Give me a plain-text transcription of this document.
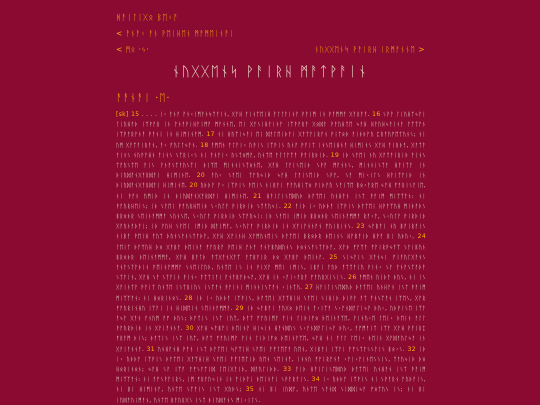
ᚻᚨᛁᛚᛁᚷᛟ ᛒᛖᚲᚨ
< ᚨᚾᚨᚲ ᚨᚾ ᚹᛖᛁᚺᛖᚾ ᛗᚨᛗᛖᛁᚾᚨᛁ
< ᛗᛟ ·ᛃ·	ᚾᚢᚷᚷᛖᚾᛋ ᚹᚨᛁᚱᚺ ᛁᚱᛗᚨᚾᚾᛖ >
ᚾᚢᚷᚷᛖᚾᛋ ᚹᚨᛁᚱᚺ ᛗᚨᛏᚹᚨᛁᚾ
ᚨᚨᚾᚨᛁ ·ᛖ·
[sk] 15 . . . . ᛁᚲ ᚨᚾᚨ ᚨᚾᚲᛁᛗᚨᚾᛋᛏᚨᛁᚾ, ᚷᚨᚺ ᚨᛁᚾᛏᛖᛁᚺ ᚨᛚᛚᚨᛁᚾᚨ ᚹᚨᛁᛗ ᛁᚾ ᚹᚨᛗᛗᚨ ᚷᚨᚱᚨᚨ. 16 ᛊᚹᚨ ᛚᛁᚢᚺᛏᛃᚨᛁ ᛚᛁᚢᚺᚨᚦ ᛁᛉᚹᚨᚱ ᛁᚾ ᚨᚾᚨᚹᛁᚺᚨᛁᛗᚨ ᛗᚨᚾᚾᛖ, ᛖᛁ ᚷᚨᛊᛁᚺᚨᛁᚾᚨ ᛁᛉᚹᚨᚱᚨ ᚷᛟᛞᚨ ᚹᚨᚢᚺᛏᛖ ᛃᚨᚺ ᚺᚨᚢᚺᛃᚨᛁᚾᚨ ᚨᛏᛏᚨᚾ ᛁᛉᚹᚨᚱᚨᚾᚨ ᚹᚨᚾᛁ ᛁᚾ ᚺᛁᛗᛁᚾᚨᛗ. 17 ᚾᛁ ᚺᚢᛉᛁᛃᚨᛁ ᛖᛁ ᛞᚨᛚᛖᛁᚦᚨᛁ ᚷᚨᛏᚨᛁᚱᚨᚾ ᚹᛁᛏᛟᚦ ᚨᛁᚦᚦᚨᚢ ᛈᚱᚨᚢᚠᛖᛏᚢᚾᛊ; ᚾᛁ ᚢᛗ ᚷᚨᛏᚨᛁᚱᚨᚾ, ᚨᚲ ᚠᚢᛚᛚᛃᚨᚾ. 18 ᚨᛗᛖᚾ ᚨᛚᚨᛁᚲ ᚢᚹᛁᛊ ᛁᛉᚹᛁᛊ ᚢᚾᚨ ᚹᚨᛁᛏ ᛁᚾᛊᛖᛁᚺᚾᚨ ᚺᛁᛗᛁᚾᛊ ᚷᚨᚺ ᚨᛁᚱᚦᚨ, ᚷᚨᛏᚨ ᚨᛁᚾᛊ ᚾᚢᚹᚨᚺᚾ ᚨᛁᚾᛊ ᛊᛏᚱᛁᚲᛊ ᚾᛁ ᚨᚾᚨᛁᚲ ᚢᛊᛏᛟᛗᚨ, ᚢᚾᛏᛖ ᚨᛚᛚᚨᛏᚨ ᚹᚨᛁᚱᚦᛁᚦ. 19 ᛁᚦ ᛊᚨᛖᛁ ᚾᚢ ᚷᚨᛏᚨᛁᚱᛁᚦ ᚨᛁᚾᛊ ᛏᚨᚢᛊᛏᛖ ᚨᛁᛊ ᚨᚾᚨᛊᛏᚨᚢᛊᛏᛁ ᚦᛁᛉᛖ ᛗᛁᚾᚾᛁᛊᛏᛟᚾᛖ, ᚷᚨᚺ ᛚᚨᛁᛊᛖᛁᚦ ᛊᚹᚨ ᛗᚨᚾᚾᛊ, ᛗᛁᚾᚾᛁᛊᛏᚨ ᚺᚨᛁᛏᚨ ᛁᚾ ᚦᛁᚢᛞᚨᚾᚷᚨᚱᛞᚨᛁ ᚺᛁᛗᛁᚾᛖ. 20 ᚨᚢᚲ ᛊᚨᛖᛁ ᛏᚨᚢᛃᛁᚦ ᛃᚨᚺ ᛚᚨᛁᛊᛖᛁᚦ ᛊᚹᚨ, ᛊᚨ ᛗᛁᚲᛁᛚᛊ ᚺᚨᛁᛏᚨᛁᚦ ᛁᚾ ᚦᛁᚢᛞᚨᚾᚷᚨᚱᛞᚨᛁ ᚺᛁᛗᛁᚾᛖ. 20 ᚢᚦᚦᚨ ᚨᚲ ᛁᛉᚹᛁᛊ ᚹᛖᛁᛊ ᚾᛁᛒᚨᛁ ᚠᚨᚢᚺᛁᛉᛟ ᚹᛁᚦᚨᚢ ᛊᚨᛁᛉᛖ ᛒᛟᚲᚨᚱᛖ ᛃᚨᚺ ᚠᚨᚱᛁᛊᚨᛁᛖ, ᚾᛁ ᚹᚨᚾ ᚢᛗᛁᚦ ᛁᚾ ᚦᛁᚢᛞᚨᚾᚷᚨᚱᛞᚨᛁ ᚺᛁᛗᛁᚾᛖ. 21 ᚺᚨᛁᛚᛁᛊᛖᛞᚢᚦ ᚦᚨᛏᛖᛁ ᚢᚾᚺᚨᚾ ᛁᛊᛏ ᚹᚨᛁᛗ ᛗᛁᛉᛉᚨᚾ: ᚾᛁ ᚹᚨᚢᚱᚺᛖᛁᛊ; ᛁᚦ ᛊᚨᛖᛁ ᚹᚨᚢᚱᚺᛖᛁᚦ ᛊᚲᚢᛚᚨ ᚹᛁᚱᚦᛁᚦ ᛊᛏᚨᚢᛃᛁ. 22 ᚨᛁᚦ ᛁᚲ ᚢᚦᚦᚨ ᛁᛉᚹᛁᛊ ᚦᚨᛏᛖᛁ ᚺᚹᚨᛉᚢᚺ ᛗᛁᚦᚨᚦᛊ ᛒᚱᛟᚦᚱ ᛊᛖᛁᚾᚨᛗᛗᚨ ᛊᚢᚾᛊᛖ, ᛊᚲᚢᛚᚨ ᚹᛁᚱᚦᛁᚦ ᛊᛏᚨᚢᛃᛁ: ᛁᚦ ᛊᚨᛖᛁ ᛁᛗᛁᚦ ᛒᚱᛟᚦᚱ ᛊᛖᛁᚾᚨᛗᛗᚨ ᚱᚨᚲᚨ, ᛊᚲᚢᛚᚨ ᚹᛁᚱᚦᛁᚦ ᚷᚨᚢᚾᚨᚦᚨᛁ; ᛁᚦ ᚨᚢᚺ ᛊᚨᛖᛁ ᛁᛗᛁᚦ ᛞᚨᛁᛗᚨ, ᛊᚲᚢᛚᚨ ᚹᛁᚱᚦᛁᚦ ᛁᚾ ᚷᚨᛁᚨᚾᚾᚨᚾ ᚠᚢᛁᚱᛁᚾᛊ. 23 ᛃᚨᛒᚨᛁ ᚾᚢ ᛒᚨᛁᚱᚨᛁᛊ ᚾᛁᛒᚨ ᚹᛖᛁᚺ ᚨᚢᛏ ᚦᚢᚾᛊᚨᚾᛊᛏᚨᚦᚨ, ᚷᚨᚺ ᚷᚨᛁᚾᚺ ᚷᚨᛗᚢᚾᛖᛁᛊ ᚦᚨᛏᛖᛁ ᛒᚱᛟᚦᚱ ᚦᛖᛁᚾᛊ ᚺᚨᛒᚨᛁᚦ ᚺᚹᚨ ᛒᛁ ᚢᚦᚢᚲ, 24 ᛚᛖᛁᛏ ᚦᚨᛉᚢᚺ ᚦᛟ ᚷᚨᛒᚨ ᚦᛖᛁᚾᚨ ᚠᚨᚢᚱᚨ ᚹᛖᛁᚺ ᚨᚾᚨ ᚨᚾᚨᛒᚢᛞᚢᚾᛊ ᚦᛟᚾᛊᚨᛊᛏᚨᚦᚨ, ᚷᚨᚦ ᚠᚨᛉᚨ ᚠᚨᛁᚱᚹᛃᚨᛉ ᛊᚨᛁᛒᚢᚾ ᛒᚱᛟᚦᚱ ᚦᛖᛁᚾᚨᛗᛗᚨ, ᚷᚨᚺ ᛒᚨᛚᚦ ᚨᛏᚷᚨᚾᚷᚨᛉ ᚨᛏᛒᚨᛁᚱ ᚦᛟ ᚷᚨᛒᚨ ᚦᛖᛁᚾᚨ. 25 ᛊᛁᛃᚨᛁᛊ ᚷᚨᚾᛃᛁ ᚠᛁᚨᚢᛚᚷᚨᚾᛊ ᚨᚾᚨᛊᛏᚨᚦᛁᚾ ᚹᛖᛁᚾᚨᛗᛗᚨ ᛊᚾᛖᛁᛚᚢᚦ, ᚢᚾᛏᛖ ᛁᛊ ᛁᚾ ᚹᛁᚷᚨ ᛗᛖᛁ ᛁᛗᛁᛊ, ᛁᛒᚨᛁ ᚨᚢᚦ ᚨᛏᛏᚨᛁᚢ ᚹᛁᚾᚲ ᛊᚨ ᚨᚾᚨᛊᛏᚨᚦᚨ ᛊᛏᚨᛁᚾ, ᚷᚨᚺ ᛊᚨ ᛊᛏᚨᛁᚾ ᚹᛁᚾᚲ ᚨᛏᛏᛁᚨᛁ ᚨᚾᚨᛒᚨᚦᛃᚨ, ᚷᚨᚺ ᛁᚾ ᚲᚨᛁᚲᚨᚱᚨ ᚠᚨᚢᚱᚷᛁᛊᛁᛊ. 26 ᚨᛗᛖᚾ ᚢᛁᚦᚨ ᚦᚢᛊ, ᚾᛁ ᛁᛊ ᚷᚨᛁᚾᛏᚨ ᚹᚨᛁᛏ ᚢᚾᛏᛖ ᛁᛊᛏᚱᛁᚢᛊ ᛁᛊᛏᚨᚾ ᚹᚨᛁᚾᛁ ᛗᛁᚾᚾᛁᛊᛏᚨᚾ ᚲᛁᚾᛏᚢ. 27 ᚺᚨᛁᛚᛁᛊᛖᛞᚢᚦ ᚦᚨᛏᛖᛁ ᚢᚾᚺᚨᚾ ᛁᛊᛏ ᚹᚨᛁᛗ ᛗᛁᛉᛉᚨᚾ: ᚾᛁ ᚺᛟᚱᛁᚾᛟᛊ. 28 ᛁᚦ ᛁᚲ ᚢᚦᚦᚨ ᛁᛉᚹᛁᛊ, ᚦᚨᛏᛖᛁ ᚷᚨᛉᚺᛁᚺ ᛊᚨᛖᛁ ᛊᛁᚺᛁᚦ ᚦᛁᚹᚨ ᚨᛏ ᚨᚾᛊᛏᚨᚾ ᛁᛉᛖᛊ, ᚷᚨᚱ ᚠᚨᚢᚱᛁᚾᚺᚢ ᛁᛉᚨᛁ ᛁᚾ ᚺᛁᛞᛖᛁᚾ ᛊᛖᛁᚾᚨᛗᛗᚨ. 29 ᛁᚦ ᛃᚨᛒᚨᛁ ᚨᚢᚷᛟ ᚦᛖᛁᚾ ᚨᚲᛁᛉᚨ ᛊᚲᚨᚾᛞᚨᛚᛁᛃᚨ ᚦᚢᚲ, ᚢᚦᚹᛁᛊᛖ ᛁᛉᚨ ᚨᛃᚨ ᚷᚨᚾ ᚨᚾᚢᛗ ᚨᚠ ᚦᚢᛊ; ᚦᚨᛏᛁᛊ ᛁᛊᛏ ᛁᚢᛏ, ᚦᚨᛏ ᚠᚨᚢᛁᛗᚨ ᚨᛁᚾ ᛚᛁᚦᛁᚠᛟ ᚦᛖᛁᚾᚨᛉᛖ, ᚨᛁᚾᚢᚲᛖ ᛚᛖᛁᚲ ᚦᛖᛁᚾ ᚨᛚᛚ ᚹᚨᚢᚱᚦᛁᚦ ᛁᚾ ᚷᚨᛁᚨᚾᚾᚨ. 30 ᚷᚨᚺ ᛃᚨᛒᚨᛁ ᚦᛖᛁᚾᚨ ᚺᛁᛃᛁᚾ ᚺᚨᚾᛞᚢᛊ ᛊᚲᚨᚾᛞᚨᛚᛁᛃᚨ ᚦᚢᚲ, ᚨᚠᛗᚨᛁᛏ ᛁᛉᚨ ᚷᚨᚺ ᚹᚨᛁᚱᛈ ᚠᚱᚨᛗ ᚦᛁᛊ; ᚦᚨᛏᛁᛊ ᛁᛊᛏ ᛁᚢᛏ, ᚦᚨᛏ ᚠᚨᚢᛁᛗᚨ ᚨᛁᚾ ᛚᛁᚦᛁᚠᛟ ᚦᛖᛁᚾᚨᛉᛖ, ᛃᚨᚺ ᚾᛁ ᚨᛚᛚ ᛚᛖᛁᚲ ᚦᛖᛁᚾ ᚷᚨᛞᚨᚢᛚᛃᚨ ᛁᚾ ᚷᚨᛁᚨᚾᚾᚨ. 31 ᚢᚾᚺᚨᚾᚺ ᚹᚨᚾ ᛁᛊᛏ ᚦᚨᛏᛖᛁ ᛋᚨᛉᛁᚺ ᛊᚨᛖᛁ ᚨᚠᛚᛖᛏᚨ ᚢᛖᚾ, ᚷᛁᛒᚨᛁ ᛁᛉᚨᛁ ᚨᚠᛊᛏᚨᛊᛊᚨᛁᛊ ᛒᛟᚲᛊ. 32 ᛁᚦ ᛁᚲ ᚢᚦᚦᚨ ᛁᛉᚹᛁᛊ ᚦᚨᛏᛖᛁ ᚷᚨᛉᚺᛁᚺ ᛊᚨᛖᛁ ᚨᚠᛚᛖᛏᛁᚦ ᚢᛖᚾ ᛊᛖᛁᚾᚨ, ᛁᚾᚾᚢ ᚠᚨᛁᚱᚨᚾᚨ ᚲᚨᛁᚲᚨᛁᚾᛖᛊᛊᛁᛊ, ᛏᚨᚢᛃᛁᚦ ᚦᛟ ᚺᛟᚱᛁᚾᛟᚾ; ᛃᚨᚺ ᛊᚨ ᛁᛉᚨ ᚨᚠᛊᚨᛏᛁᛞ ᛚᛖᛁᚷᚨᛁᚦ, ᛞᚨᚢᛚᛁᚦᚦ. 33 ᚨᛁᚦ ᚺᚨᛁᛚᛁᛊᛖᛞᚢᚦ ᚦᚨᛏᛖᛁ ᚢᚾᚺᚨᚾ ᛁᛊᛏ ᚹᚨᛁᛗ ᛗᛁᛉᛉᚨᚾ: ᚾᛁ ᚨᚠᛊᚹᚨᛁᚱᛊ, ᛁᛗ ᚠᚱᚨᚢᛃᛁᚾ ᛁᚾ ᚨᛁᚦᚨᛁ ᚦᛖᛁᚾᚨᛁ ᛊᚹᚨᚱᚨᛁᛊ. 34 ᛁᚲ ᚢᚦᚦᚨ ᛁᛉᚹᛁᛊ ᚾᛁ ᛊᚹᚨᚱᚾ ᚨᚢᚦᚨᛁᛊ, ᚾᛁ ᛒᛁ ᚺᛁᛗᛁᚾᚨ, ᚢᚾᛏᛖ ᛊᛏᚨᛁᛊ ᛁᛊᛏ ᚷᚢᚦᛊ; 35 ᚾᛁ ᛒᛁ ᛁᚢᛞᚨ, ᚢᚾᛏᛖ ᛊᚨᚾᛞ ᛊᛁᛞᛞᛁᛃᚨ ᚠᛟᛏᚢᛊ ᛁᛊ; ᚾᛁ ᛒᛁ ᛁᚢᛞᚨᚢᛁᛗᚨᚾ, ᚢᚾᛏᛖ ᛒᚨᚢᚱᚷᛊ ᛁᛊᛏ ᚦᛁᚢᛞᚨᚾᛊ ᛗᛁᚲᛁᛚᛊ.
